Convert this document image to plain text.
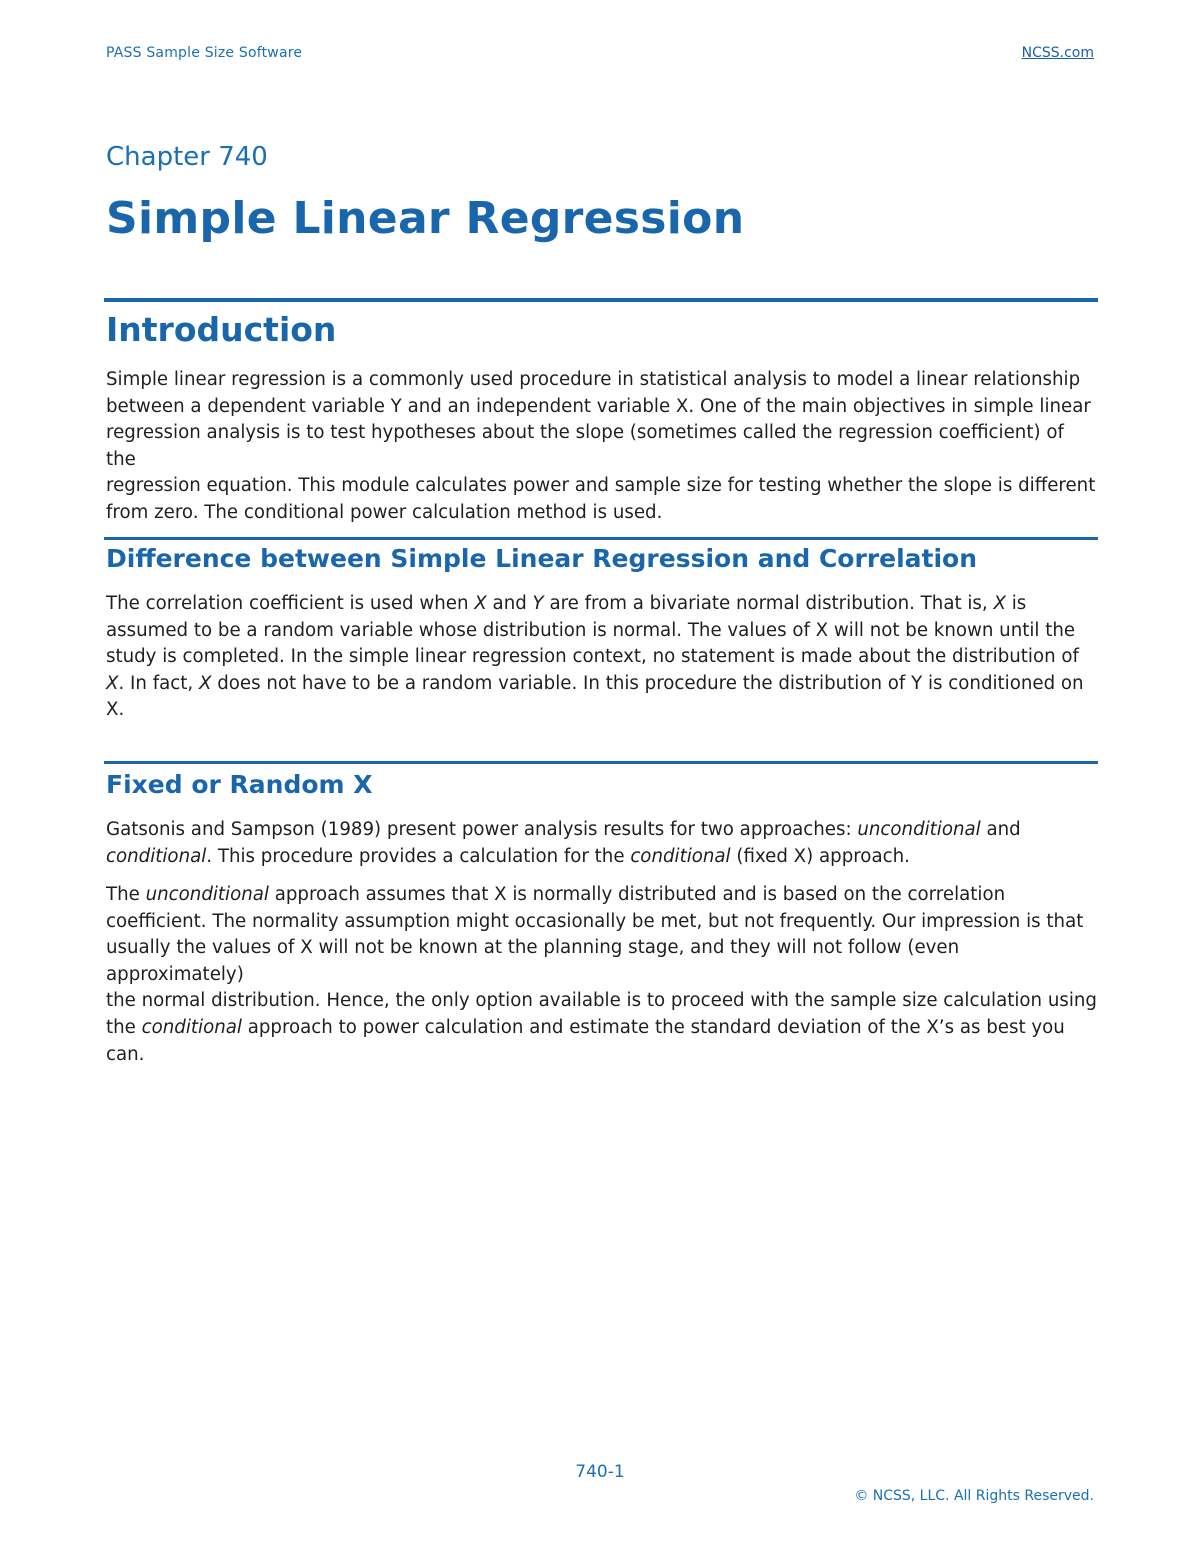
PASS Sample Size Software	NCSS.com
Chapter 740
Simple Linear Regression
Introduction
Simple linear regression is a commonly used procedure in statistical analysis to model a linear relationship
between a dependent variable Y and an independent variable X. One of the main objectives in simple linear
regression analysis is to test hypotheses about the slope (sometimes called the regression coefficient) of the
regression equation. This module calculates power and sample size for testing whether the slope is different
from zero. The conditional power calculation method is used.
Difference between Simple Linear Regression and Correlation
The correlation coefficient is used when X and Y are from a bivariate normal distribution. That is, X is
assumed to be a random variable whose distribution is normal. The values of X will not be known until the
study is completed. In the simple linear regression context, no statement is made about the distribution of
X. In fact, X does not have to be a random variable. In this procedure the distribution of Y is conditioned on
X.
Fixed or Random X
Gatsonis and Sampson (1989) present power analysis results for two approaches: unconditional and
conditional. This procedure provides a calculation for the conditional (fixed X) approach.
The unconditional approach assumes that X is normally distributed and is based on the correlation
coefficient. The normality assumption might occasionally be met, but not frequently. Our impression is that
usually the values of X will not be known at the planning stage, and they will not follow (even approximately)
the normal distribution. Hence, the only option available is to proceed with the sample size calculation using
the conditional approach to power calculation and estimate the standard deviation of the X’s as best you
can.
740-1
© NCSS, LLC. All Rights Reserved.
